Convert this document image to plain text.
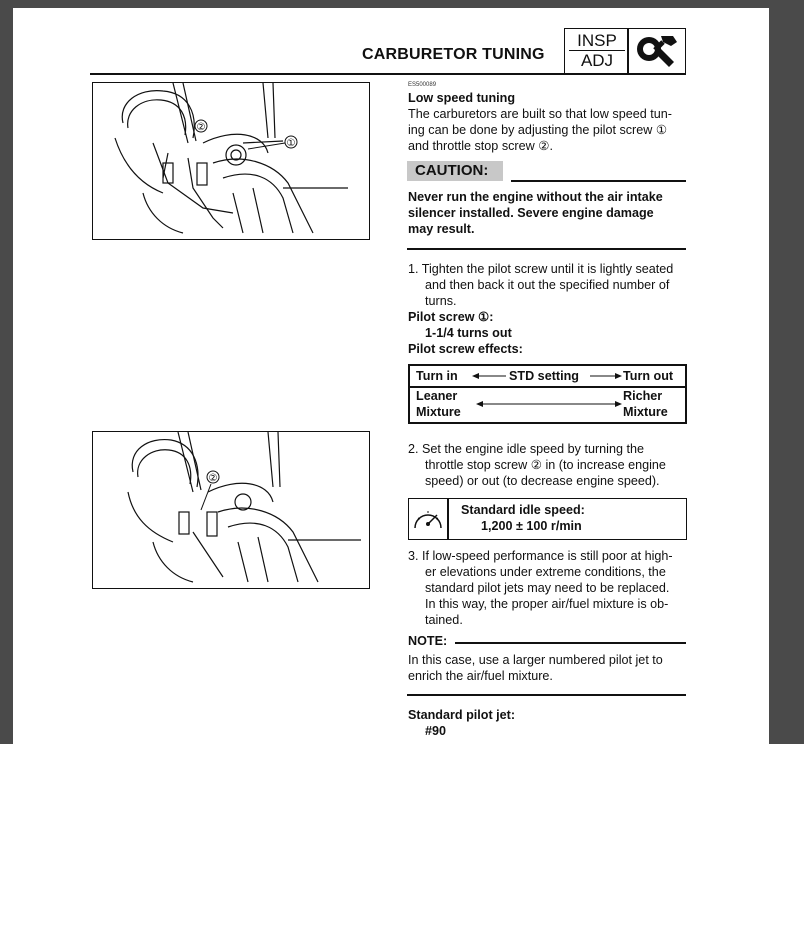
CARBURETOR TUNING
INSP
ADJ
②
①
②
ES500089
Low speed tuning
The carburetors are built so that low speed tun-
ing can be done by adjusting the pilot screw ①
and throttle stop screw ②.
CAUTION:
Never run the engine without the air intake
silencer installed. Severe engine damage
may result.
1. Tighten the pilot screw until it is lightly seated
and then back it out the specified number of
turns.
Pilot screw ①:
1-1/4 turns out
Pilot screw effects:
Turn in	STD setting	Turn out
Leaner
Mixture
Richer
Mixture
2. Set the engine idle speed by turning the
throttle stop screw ② in (to increase engine
speed) or out (to decrease engine speed).
Standard idle speed:
1,200 ± 100 r/min
3. If low-speed performance is still poor at high-
er elevations under extreme conditions, the
standard pilot jets may need to be replaced.
In this way, the proper air/fuel mixture is ob-
tained.
NOTE:
In this case, use a larger numbered pilot jet to
enrich the air/fuel mixture.
Standard pilot jet:
#90
